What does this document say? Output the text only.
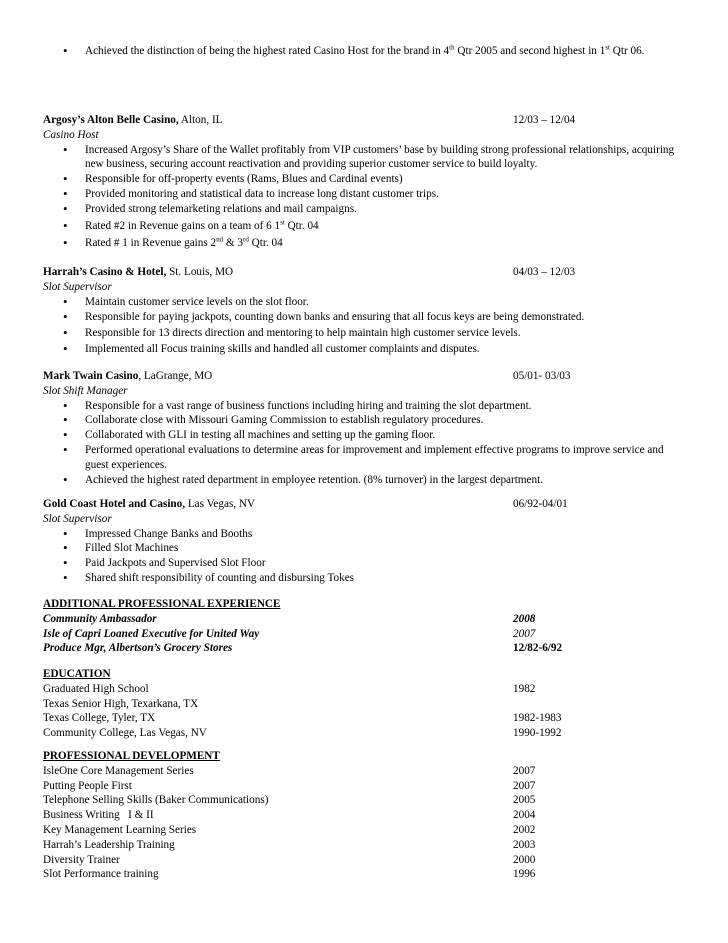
• Achieved the distinction of being the highest rated Casino Host for the brand in 4th Qtr 2005 and second highest in 1st Qtr 06.
Argosy’s Alton Belle Casino, Alton, IL	12/03 – 12/04
Casino Host
• Increased Argosy’s Share of the Wallet profitably from VIP customers’ base by building strong professional relationships, acquiring new business, securing account reactivation and providing superior customer service to build loyalty.
• Responsible for off-property events (Rams, Blues and Cardinal events)
• Provided monitoring and statistical data to increase long distant customer trips.
• Provided strong telemarketing relations and mail campaigns.
• Rated #2 in Revenue gains on a team of 6 1st Qtr. 04
• Rated # 1 in Revenue gains 2nd & 3rd Qtr. 04
Harrah’s Casino & Hotel, St. Louis, MO	04/03 – 12/03
Slot Supervisor
• Maintain customer service levels on the slot floor.
• Responsible for paying jackpots, counting down banks and ensuring that all focus keys are being demonstrated.
• Responsible for 13 directs direction and mentoring to help maintain high customer service levels.
• Implemented all Focus training skills and handled all customer complaints and disputes.
Mark Twain Casino, LaGrange, MO	05/01- 03/03
Slot Shift Manager
• Responsible for a vast range of business functions including hiring and training the slot department.
• Collaborate close with Missouri Gaming Commission to establish regulatory procedures.
• Collaborated with GLI in testing all machines and setting up the gaming floor.
• Performed operational evaluations to determine areas for improvement and implement effective programs to improve service and guest experiences.
• Achieved the highest rated department in employee retention. (8% turnover) in the largest department.
Gold Coast Hotel and Casino, Las Vegas, NV	06/92-04/01
Slot Supervisor
• Impressed Change Banks and Booths
• Filled Slot Machines
• Paid Jackpots and Supervised Slot Floor
• Shared shift responsibility of counting and disbursing Tokes
ADDITIONAL PROFESSIONAL EXPERIENCE
Community Ambassador	2008
Isle of Capri Loaned Executive for United Way	2007
Produce Mgr, Albertson’s Grocery Stores	12/82-6/92
EDUCATION
Graduated High School	1982
Texas Senior High, Texarkana, TX
Texas College, Tyler, TX	1982-1983
Community College, Las Vegas, NV	1990-1992
PROFESSIONAL DEVELOPMENT
IsleOne Core Management Series	2007
Putting People First	2007
Telephone Selling Skills (Baker Communications)	2005
Business Writing   I & II	2004
Key Management Learning Series	2002
Harrah’s Leadership Training	2003
Diversity Trainer	2000
Slot Performance training	1996
